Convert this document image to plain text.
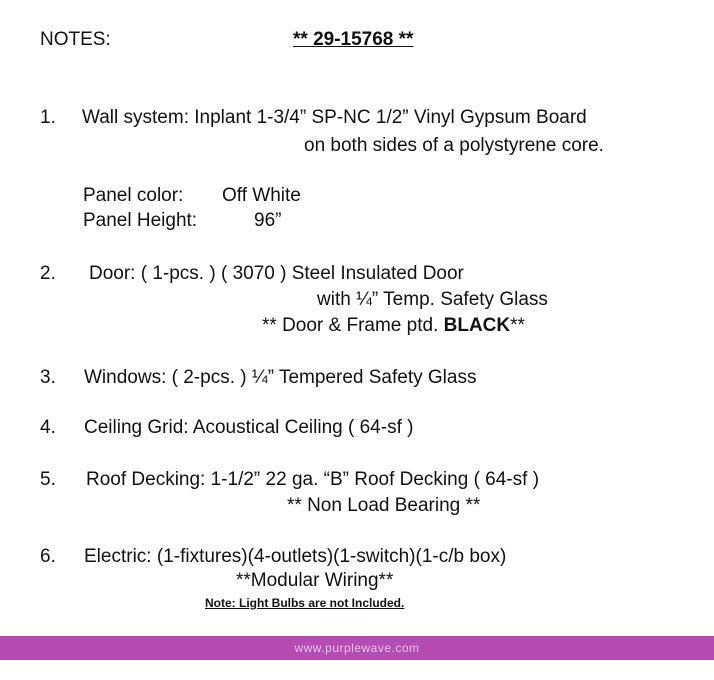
NOTES:	** 29-15768 **
1. Wall system: Inplant 1-3/4” SP-NC 1/2” Vinyl Gypsum Board
on both sides of a polystyrene core.
Panel color: Off White
Panel Height:	96”
2. Door: ( 1-pcs. ) ( 3070 ) Steel Insulated Door
with ¼” Temp. Safety Glass
** Door & Frame ptd. BLACK**
3. Windows: ( 2-pcs. ) ¼” Tempered Safety Glass
4. Ceiling Grid: Acoustical Ceiling ( 64-sf )
5. Roof Decking: 1-1/2” 22 ga. “B” Roof Decking ( 64-sf )
** Non Load Bearing **
6. Electric: (1-fixtures)(4-outlets)(1-switch)(1-c/b box)
**Modular Wiring**
Note: Light Bulbs are not Included.
www.purplewave.com
